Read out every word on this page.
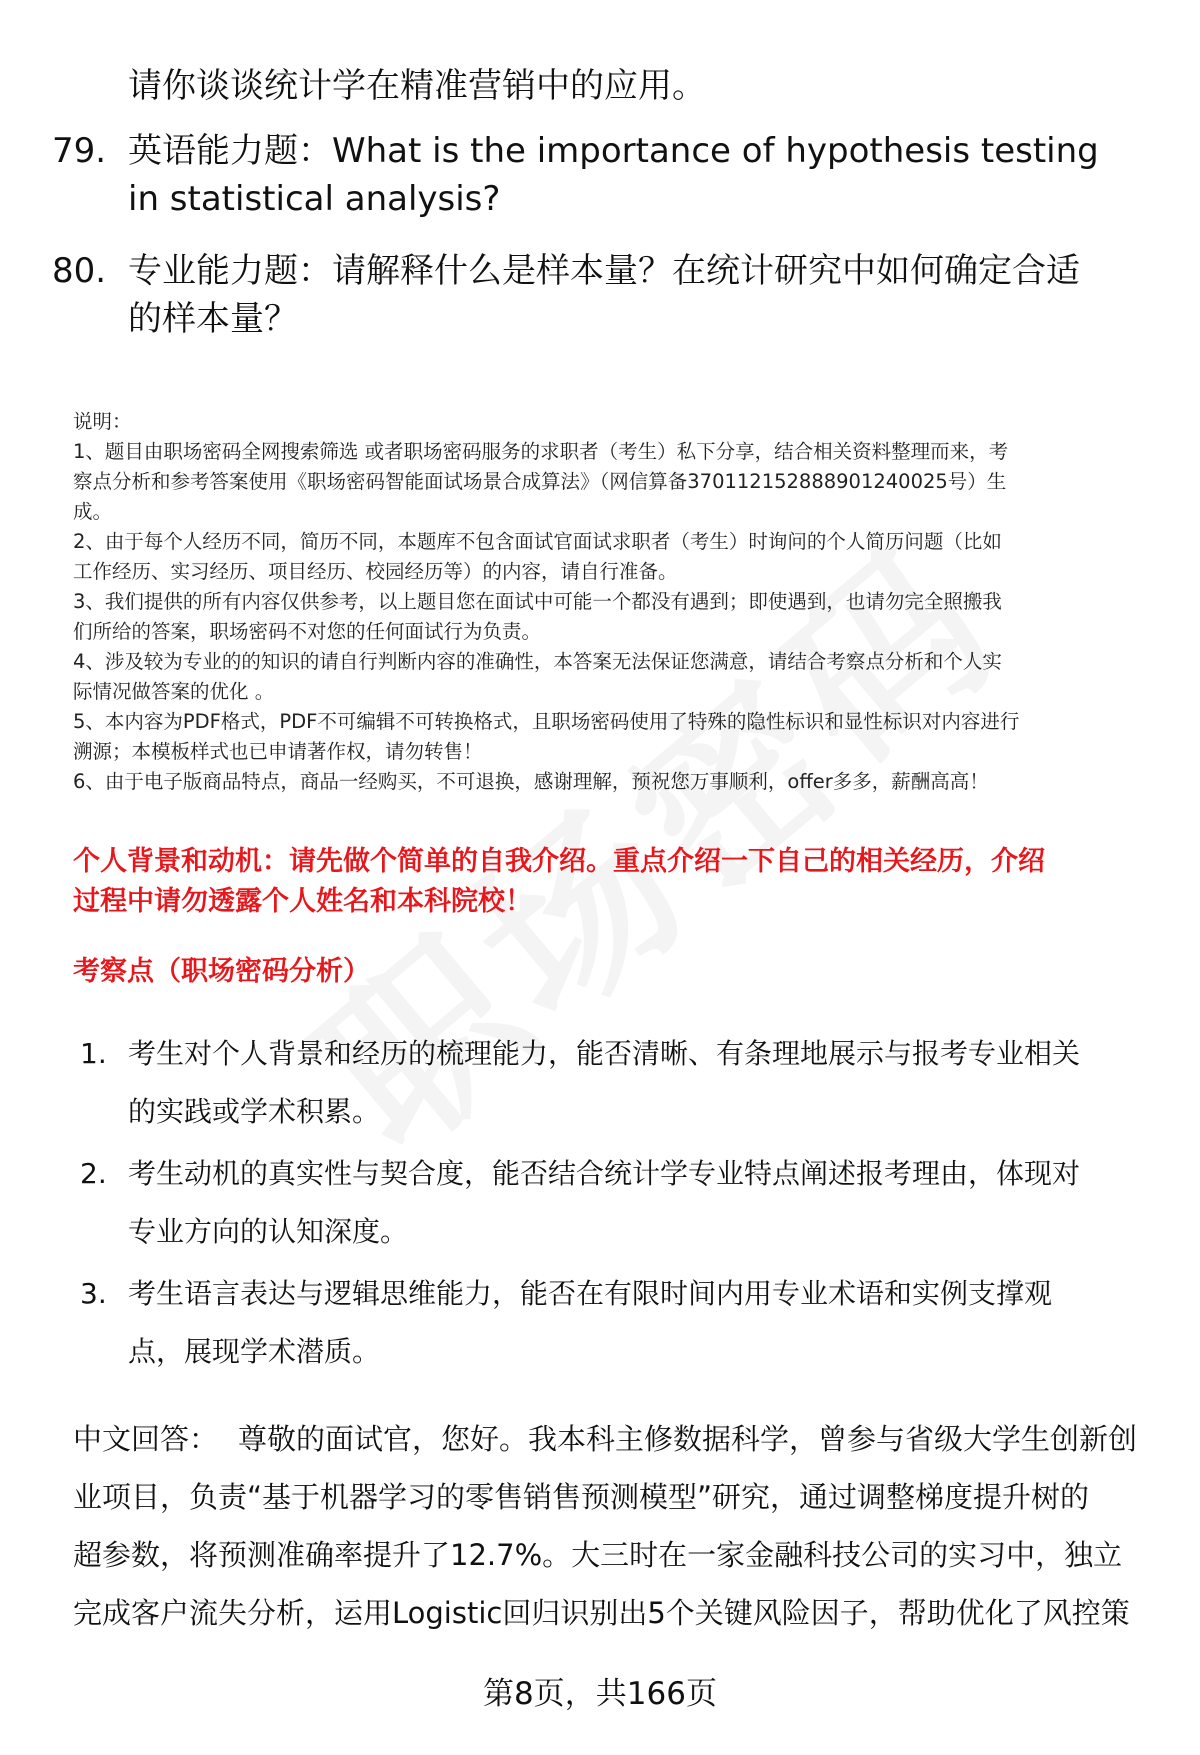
请你谈谈统计学在精准营销中的应用。
79. 英语能力题：What is the importance of hypothesis testing
in statistical analysis?
80. 专业能力题：请解释什么是样本量？在统计研究中如何确定合适
的样本量？
说明：
1、题目由职场密码全网搜索筛选 或者职场密码服务的求职者（考生）私下分享，结合相关资料整理而来，考
察点分析和参考答案使用《职场密码智能面试场景合成算法》（网信算备370112152888901240025号）生
成。
2、由于每个人经历不同，简历不同，本题库不包含面试官面试求职者（考生）时询问的个人简历问题（比如
工作经历、实习经历、项目经历、校园经历等）的内容，请自行准备。
3、我们提供的所有内容仅供参考，以上题目您在面试中可能一个都没有遇到；即使遇到，也请勿完全照搬我
们所给的答案，职场密码不对您的任何面试行为负责。
4、涉及较为专业的的知识的请自行判断内容的准确性，本答案无法保证您满意，请结合考察点分析和个人实
际情况做答案的优化 。
5、本内容为PDF格式，PDF不可编辑不可转换格式，且职场密码使用了特殊的隐性标识和显性标识对内容进行
溯源；本模板样式也已申请著作权，请勿转售！
6、由于电子版商品特点，商品一经购买，不可退换，感谢理解，预祝您万事顺利，offer多多，薪酬高高！
个人背景和动机：请先做个简单的自我介绍。重点介绍一下自己的相关经历，介绍
过程中请勿透露个人姓名和本科院校！
考察点（职场密码分析）
1. 考生对个人背景和经历的梳理能力，能否清晰、有条理地展示与报考专业相关
的实践或学术积累。
2. 考生动机的真实性与契合度，能否结合统计学专业特点阐述报考理由，体现对
专业方向的认知深度。
3. 考生语言表达与逻辑思维能力，能否在有限时间内用专业术语和实例支撑观
点，展现学术潜质。
中文回答： 尊敬的面试官，您好。我本科主修数据科学，曾参与省级大学生创新创
业项目，负责“基于机器学习的零售销售预测模型”研究，通过调整梯度提升树的
超参数，将预测准确率提升了12.7%。大三时在一家金融科技公司的实习中，独立
完成客户流失分析，运用Logistic回归识别出5个关键风险因子，帮助优化了风控策
第8页，共166页
